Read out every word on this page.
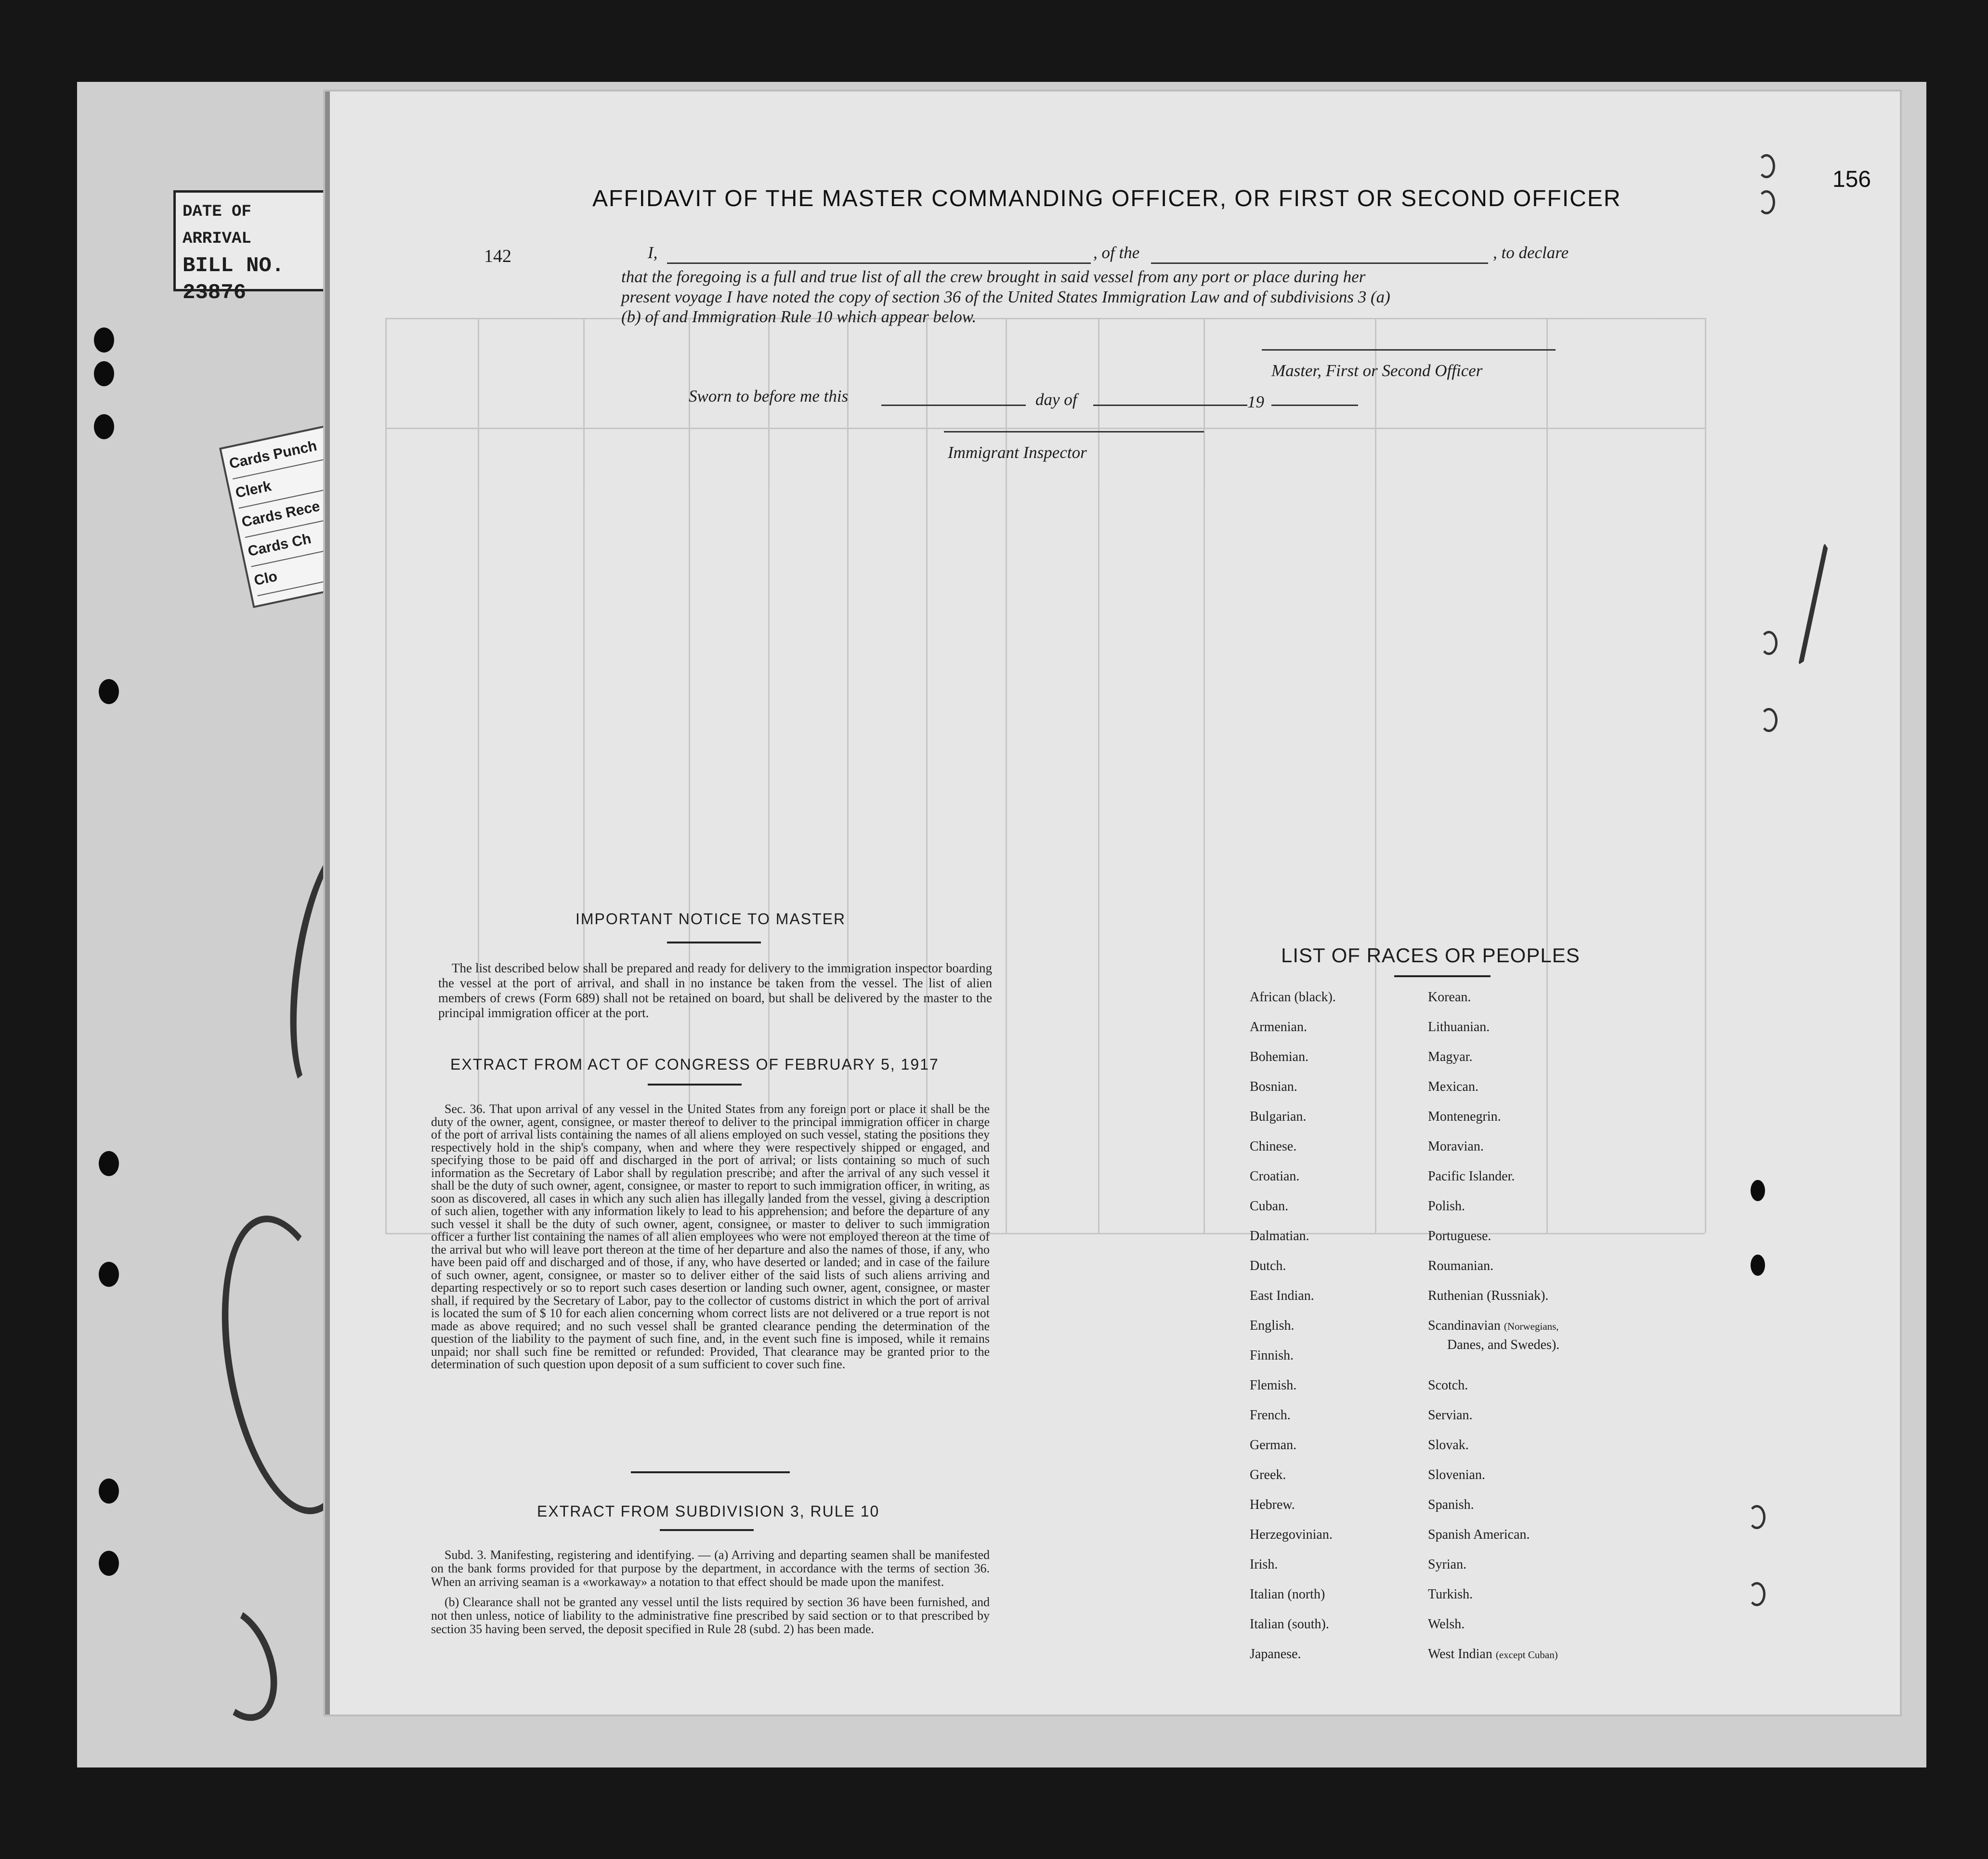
DATE OF ARRIVAL
BILL NO. 23876
Cards Punch
Clerk
Cards Rece
Cards Ch
Clo
156
AFFIDAVIT OF THE MASTER COMMANDING OFFICER, OR FIRST OR SECOND OFFICER
142	I,	, of the	, to declare
that the foregoing is a full and true list of all the crew brought in said vessel from any port or place during her
present voyage I have noted the copy of section 36 of the United States Immigration Law and of subdivisions 3 (a)
(b) of and Immigration Rule 10 which appear below.
Master, First or Second Officer
Sworn to before me this	day of	19
Immigrant Inspector
IMPORTANT NOTICE TO MASTER

The list described below shall be prepared and ready for delivery to the immigration inspector boarding the vessel at the port of arrival, and shall in no instance be taken from the vessel. The list of alien members of crews (Form 689) shall not be retained on board, but shall be delivered by the master to the principal immigration officer at the port.

EXTRACT FROM ACT OF CONGRESS OF FEBRUARY 5, 1917

Sec. 36. That upon arrival of any vessel in the United States from any foreign port or place it shall be the duty of the owner, agent, consignee, or master thereof to deliver to the principal immigration officer in charge of the port of arrival lists containing the names of all aliens employed on such vessel, stating the positions they respectively hold in the ship's company, when and where they were respectively shipped or engaged, and specifying those to be paid off and discharged in the port of arrival; or lists containing so much of such information as the Secretary of Labor shall by regulation prescribe; and after the arrival of any such vessel it shall be the duty of such owner, agent, consignee, or master to report to such immigration officer, in writing, as soon as discovered, all cases in which any such alien has illegally landed from the vessel, giving a description of such alien, together with any information likely to lead to his apprehension; and before the departure of any such vessel it shall be the duty of such owner, agent, consignee, or master to deliver to such immigration officer a further list containing the names of all alien employees who were not employed thereon at the time of the arrival but who will leave port thereon at the time of her departure and also the names of those, if any, who have been paid off and discharged and of those, if any, who have deserted or landed; and in case of the failure of such owner, agent, consignee, or master so to deliver either of the said lists of such aliens arriving and departing respectively or so to report such cases desertion or landing such owner, agent, consignee, or master shall, if required by the Secretary of Labor, pay to the collector of customs district in which the port of arrival is located the sum of $ 10 for each alien concerning whom correct lists are not delivered or a true report is not made as above required; and no such vessel shall be granted clearance pending the determination of the question of the liability to the payment of such fine, and, in the event such fine is imposed, while it remains unpaid; nor shall such fine be remitted or refunded: Provided, That clearance may be granted prior to the determination of such question upon deposit of a sum sufficient to cover such fine.

EXTRACT FROM SUBDIVISION 3, RULE 10

Subd. 3. Manifesting, registering and identifying. — (a) Arriving and departing seamen shall be manifested on the bank forms provided for that purpose by the department, in accordance with the terms of section 36. When an arriving seaman is a «workaway» a notation to that effect should be made upon the manifest.

(b) Clearance shall not be granted any vessel until the lists required by section 36 have been furnished, and not then unless, notice of liability to the administrative fine prescribed by said section or to that prescribed by section 35 having been served, the deposit specified in Rule 28 (subd. 2) has been made.

LIST OF RACES OR PEOPLES
African (black).
Armenian.
Bohemian.
Bosnian.
Bulgarian.
Chinese.
Croatian.
Cuban.
Dalmatian.
Dutch.
East Indian.
English.
Finnish.
Flemish.
French.
German.
Greek.
Hebrew.
Herzegovinian.
Irish.
Italian (north)
Italian (south).
Japanese.
Korean.
Lithuanian.
Magyar.
Mexican.
Montenegrin.
Moravian.
Pacific Islander.
Polish.
Portuguese.
Roumanian.
Ruthenian (Russniak).
Scandinavian (Norwegians,
Danes, and Swedes).
Scotch.
Servian.
Slovak.
Slovenian.
Spanish.
Spanish American.
Syrian.
Turkish.
Welsh.
West Indian (except Cuban)
